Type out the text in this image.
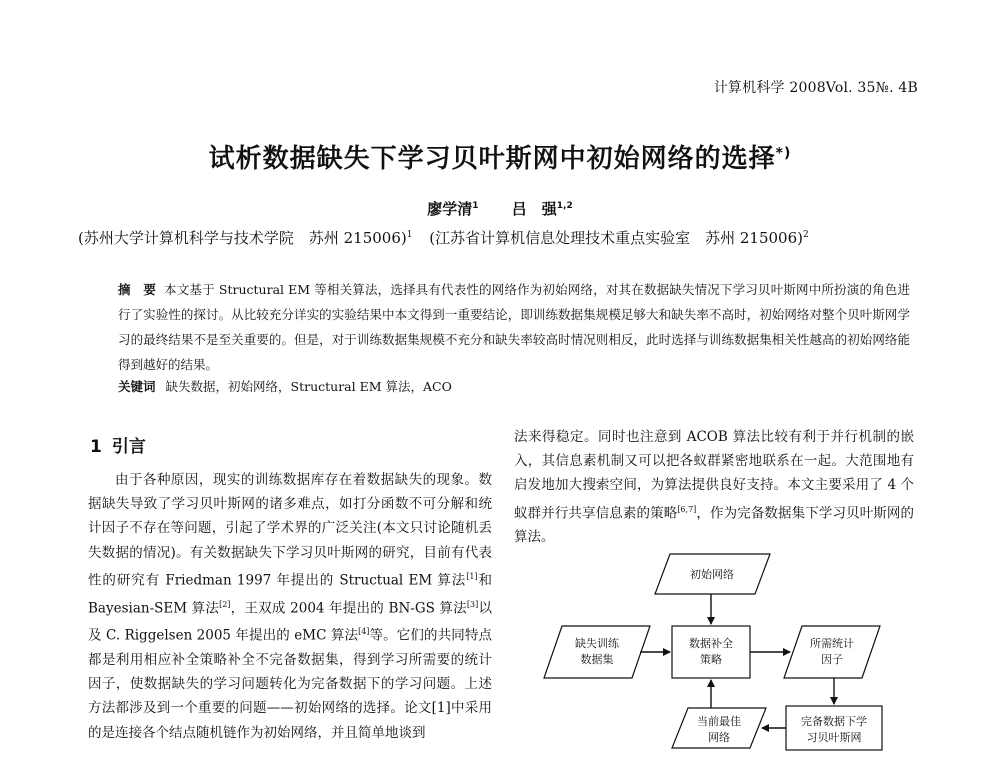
计算机科学 2008Vol. 35№. 4B
试析数据缺失下学习贝叶斯网中初始网络的选择*)
廖学清$^1$ 吕　强$^{1,2}$
(苏州大学计算机科学与技术学院　苏州 215006)$^1$ (江苏省计算机信息处理技术重点实验室　苏州 215006)$^2$
摘　要 本文基于 Structural EM 等相关算法，选择具有代表性的网络作为初始网络，对其在数据缺失情况下学习贝叶斯网中所扮演的角色进行了实验性的探讨。从比较充分详实的实验结果中本文得到一重要结论，即训练数据集规模足够大和缺失率不高时，初始网络对整个贝叶斯网学习的最终结果不是至关重要的。但是，对于训练数据集规模不充分和缺失率较高时情况则相反，此时选择与训练数据集相关性越高的初始网络能得到越好的结果。
关键词 缺失数据，初始网络，Structural EM 算法，ACO
1 引言

由于各种原因，现实的训练数据库存在着数据缺失的现象。数据缺失导致了学习贝叶斯网的诸多难点，如打分函数不可分解和统计因子不存在等问题，引起了学术界的广泛关注(本文只讨论随机丢失数据的情况)。有关数据缺失下学习贝叶斯网的研究，目前有代表性的研究有 Friedman 1997 年提出的 Structual EM 算法[1]和 Bayesian-SEM 算法[2]，王双成 2004 年提出的 BN-GS 算法[3]以及 C. Riggelsen 2005 年提出的 eMC 算法[4]等。它们的共同特点都是利用相应补全策略补全不完备数据集，得到学习所需要的统计因子，使数据缺失的学习问题转化为完备数据下的学习问题。上述方法都涉及到一个重要的问题——初始网络的选择。论文[1]中采用的是连接各个结点随机链作为初始网络，并且简单地谈到

法来得稳定。同时也注意到 ACOB 算法比较有利于并行机制的嵌入，其信息素机制又可以把各蚁群紧密地联系在一起。大范围地有启发地加大搜索空间，为算法提供良好支持。本文主要采用了 4 个蚁群并行共享信息素的策略[6,7]，作为完备数据集下学习贝叶斯网的算法。

初始网络
缺失训练
数据集
数据补全
策略
所需统计
因子
当前最佳
网络
完备数据下学
习贝叶斯网
